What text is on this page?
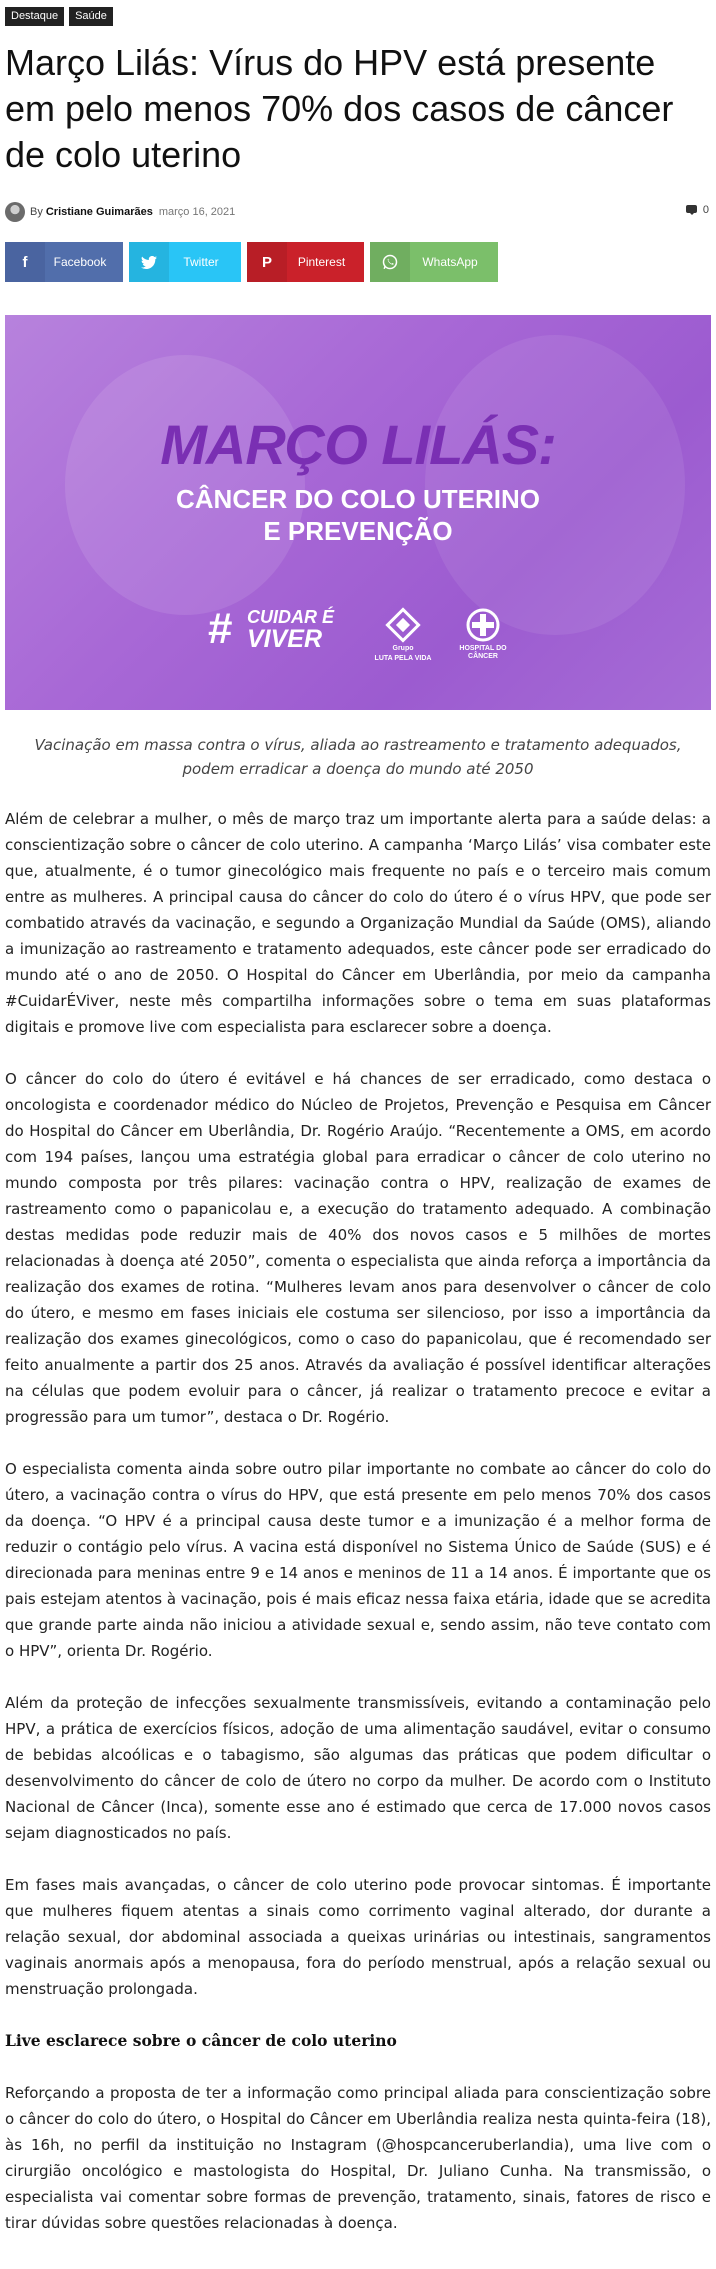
Destaque	Saúde
Março Lilás: Vírus do HPV está presente em pelo menos 70% dos casos de câncer de colo uterino
By Cristiane Guimarães março 16, 2021	0
f	Facebook	Twitter	P	Pinterest	WhatsApp
MARÇO LILÁS:
CÂNCER DO COLO UTERINO
E PREVENÇÃO
# CUIDAR É
VIVER	Grupo
LUTA PELA VIDA
HOSPITAL DO CÂNCER
Vacinação em massa contra o vírus, aliada ao rastreamento e tratamento adequados, podem erradicar a doença do mundo até 2050

Além de celebrar a mulher, o mês de março traz um importante alerta para a saúde delas: a conscientização sobre o câncer de colo uterino. A campanha ‘Março Lilás’ visa combater este que, atualmente, é o tumor ginecológico mais frequente no país e o terceiro mais comum entre as mulheres. A principal causa do câncer do colo do útero é o vírus HPV, que pode ser combatido através da vacinação, e segundo a Organização Mundial da Saúde (OMS), aliando a imunização ao rastreamento e tratamento adequados, este câncer pode ser erradicado do mundo até o ano de 2050. O Hospital do Câncer em Uberlândia, por meio da campanha #CuidarÉViver, neste mês compartilha informações sobre o tema em suas plataformas digitais e promove live com especialista para esclarecer sobre a doença.

O câncer do colo do útero é evitável e há chances de ser erradicado, como destaca o oncologista e coordenador médico do Núcleo de Projetos, Prevenção e Pesquisa em Câncer do Hospital do Câncer em Uberlândia, Dr. Rogério Araújo. “Recentemente a OMS, em acordo com 194 países, lançou uma estratégia global para erradicar o câncer de colo uterino no mundo composta por três pilares: vacinação contra o HPV, realização de exames de rastreamento como o papanicolau e, a execução do tratamento adequado. A combinação destas medidas pode reduzir mais de 40% dos novos casos e 5 milhões de mortes relacionadas à doença até 2050”, comenta o especialista que ainda reforça a importância da realização dos exames de rotina. “Mulheres levam anos para desenvolver o câncer de colo do útero, e mesmo em fases iniciais ele costuma ser silencioso, por isso a importância da realização dos exames ginecológicos, como o caso do papanicolau, que é recomendado ser feito anualmente a partir dos 25 anos. Através da avaliação é possível identificar alterações na células que podem evoluir para o câncer, já realizar o tratamento precoce e evitar a progressão para um tumor”, destaca o Dr. Rogério.

O especialista comenta ainda sobre outro pilar importante no combate ao câncer do colo do útero, a vacinação contra o vírus do HPV, que está presente em pelo menos 70% dos casos da doença. “O HPV é a principal causa deste tumor e a imunização é a melhor forma de reduzir o contágio pelo vírus. A vacina está disponível no Sistema Único de Saúde (SUS) e é direcionada para meninas entre 9 e 14 anos e meninos de 11 a 14 anos. É importante que os pais estejam atentos à vacinação, pois é mais eficaz nessa faixa etária, idade que se acredita que grande parte ainda não iniciou a atividade sexual e, sendo assim, não teve contato com o HPV”, orienta Dr. Rogério.

Além da proteção de infecções sexualmente transmissíveis, evitando a contaminação pelo HPV, a prática de exercícios físicos, adoção de uma alimentação saudável, evitar o consumo de bebidas alcoólicas e o tabagismo, são algumas das práticas que podem dificultar o desenvolvimento do câncer de colo de útero no corpo da mulher. De acordo com o Instituto Nacional de Câncer (Inca), somente esse ano é estimado que cerca de 17.000 novos casos sejam diagnosticados no país.

Em fases mais avançadas, o câncer de colo uterino pode provocar sintomas. É importante que mulheres fiquem atentas a sinais como corrimento vaginal alterado, dor durante a relação sexual, dor abdominal associada a queixas urinárias ou intestinais, sangramentos vaginais anormais após a menopausa, fora do período menstrual, após a relação sexual ou menstruação prolongada.

Live esclarece sobre o câncer de colo uterino

Reforçando a proposta de ter a informação como principal aliada para conscientização sobre o câncer do colo do útero, o Hospital do Câncer em Uberlândia realiza nesta quinta-feira (18), às 16h, no perfil da instituição no Instagram (@hospcanceruberlandia), uma live com o cirurgião oncológico e mastologista do Hospital, Dr. Juliano Cunha. Na transmissão, o especialista vai comentar sobre formas de prevenção, tratamento, sinais, fatores de risco e tirar dúvidas sobre questões relacionadas à doença.
